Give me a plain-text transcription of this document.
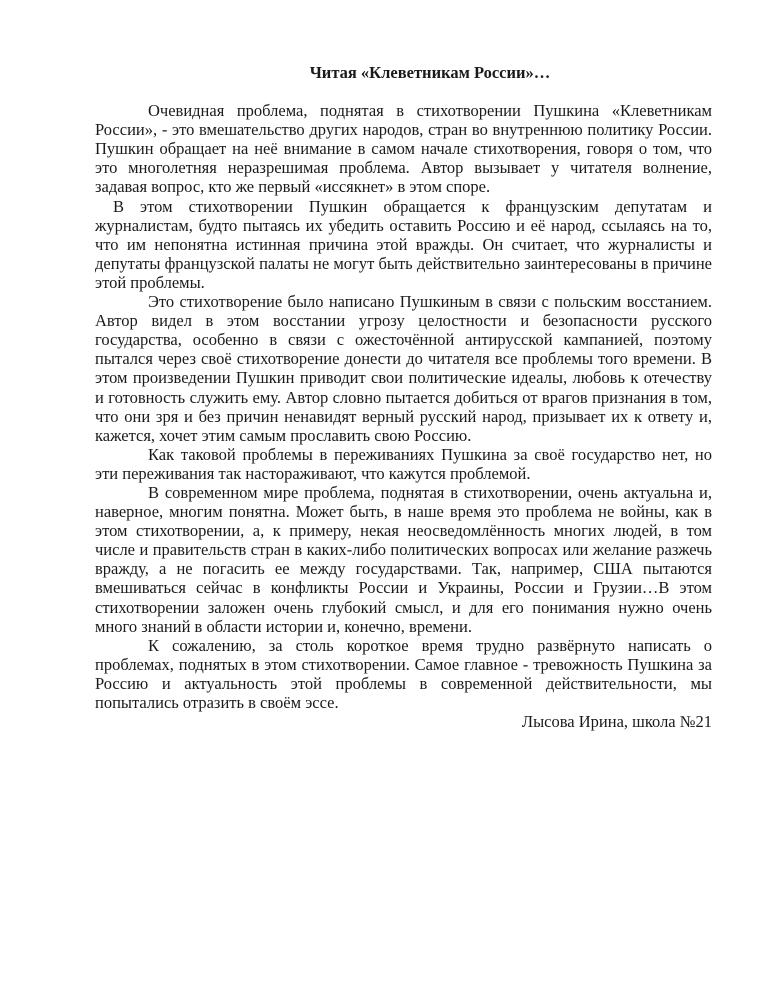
Читая «Клеветникам России»…

Очевидная проблема, поднятая в стихотворении Пушкина «Клеветникам России», - это вмешательство других народов, стран во внутреннюю политику России. Пушкин обращает на неё внимание в самом начале стихотворения, говоря о том, что это многолетняя неразрешимая проблема. Автор вызывает у читателя волнение, задавая вопрос, кто же первый «иссякнет» в этом споре.

В этом стихотворении Пушкин обращается к французским депутатам и журналистам, будто пытаясь их убедить оставить Россию и её народ, ссылаясь на то, что им непонятна истинная причина этой вражды. Он считает, что журналисты и депутаты французской палаты не могут быть действительно заинтересованы в причине этой проблемы.

Это стихотворение было написано Пушкиным в связи с польским восстанием. Автор видел в этом восстании угрозу целостности и безопасности русского государства, особенно в связи с ожесточённой антирусской кампанией, поэтому пытался через своё стихотворение донести до читателя все проблемы того времени. В этом произведении Пушкин приводит свои политические идеалы, любовь к отечеству и готовность служить ему. Автор словно пытается добиться от врагов признания в том, что они зря и без причин ненавидят верный русский народ, призывает их к ответу и, кажется, хочет этим самым прославить свою Россию.

Как таковой проблемы в переживаниях Пушкина за своё государство нет, но эти переживания так настораживают, что кажутся проблемой.

В современном мире проблема, поднятая в стихотворении, очень актуальна и, наверное, многим понятна. Может быть, в наше время это проблема не войны, как в этом стихотворении, а, к примеру, некая неосведомлённость многих людей, в том числе и правительств стран в каких-либо политических вопросах или желание разжечь вражду, а не погасить ее между государствами. Так, например, США пытаются вмешиваться сейчас в конфликты России и Украины, России и Грузии…В этом стихотворении заложен очень глубокий смысл, и для его понимания нужно очень много знаний в области истории и, конечно, времени.

К сожалению, за столь короткое время трудно развёрнуто написать о проблемах, поднятых в этом стихотворении. Самое главное - тревожность Пушкина за Россию и актуальность этой проблемы в современной действительности, мы попытались отразить в своём эссе.

Лысова Ирина, школа №21
